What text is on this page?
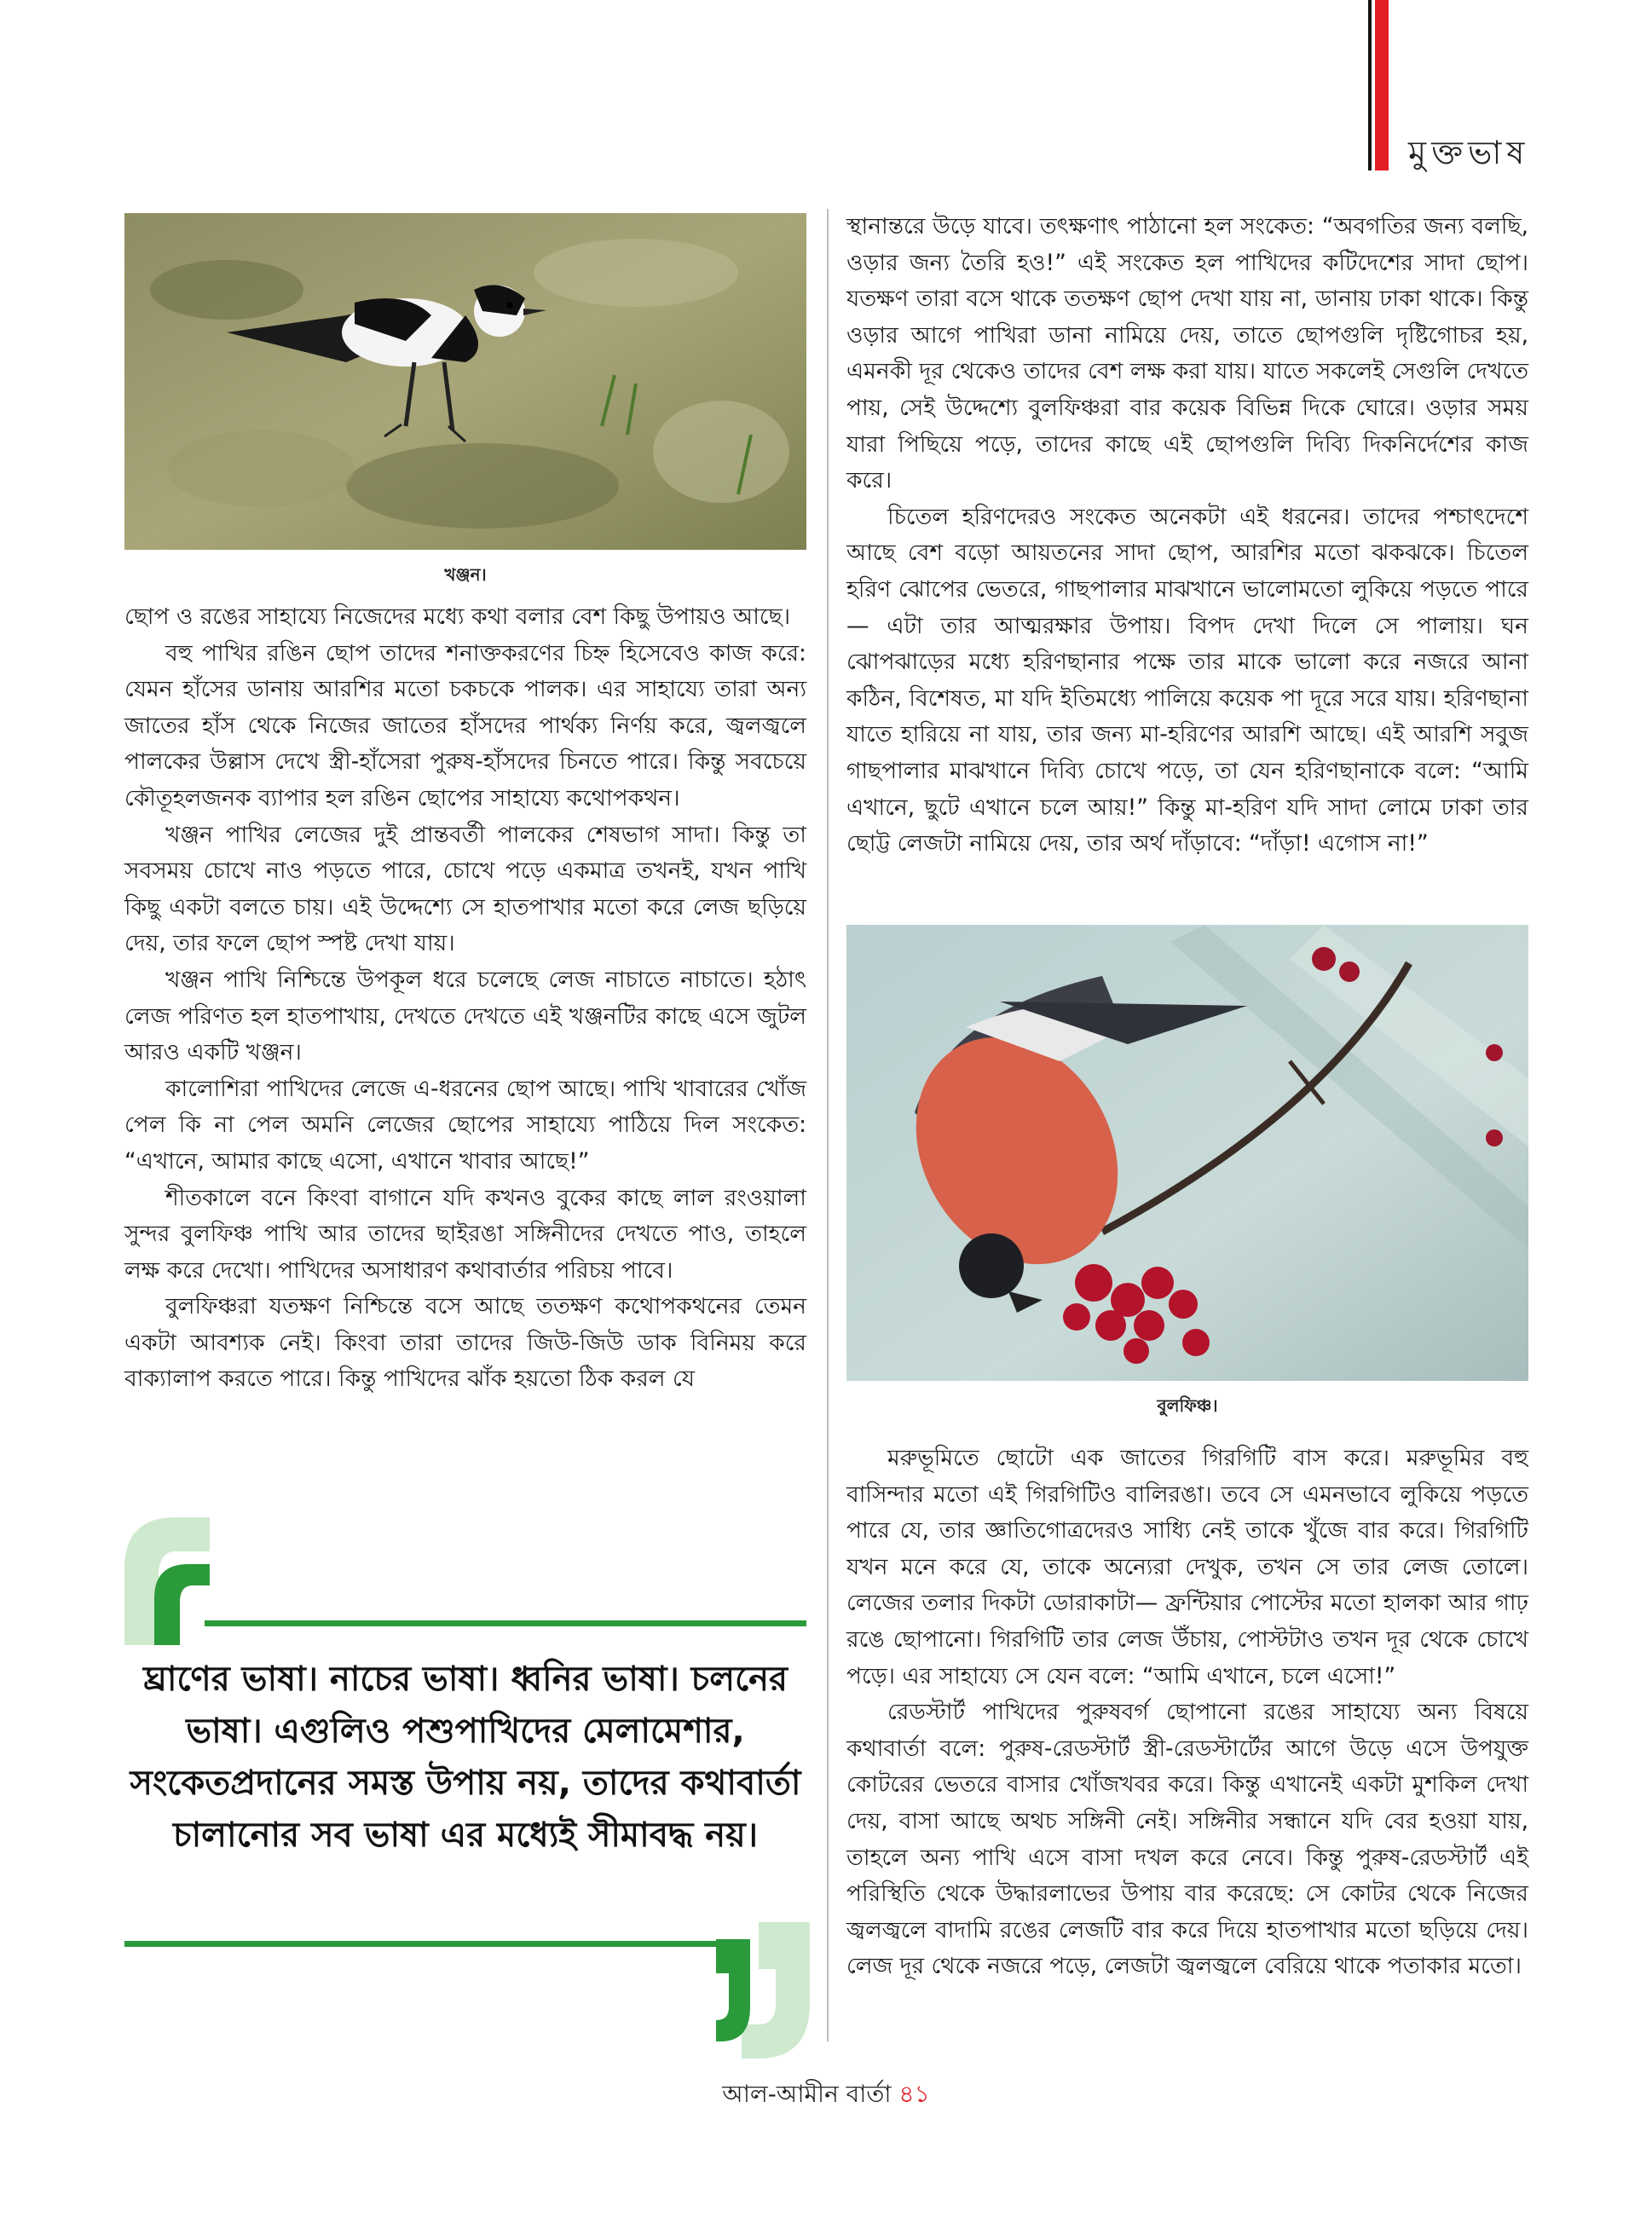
মুক্তভাষ
খঞ্জন।

ছোপ ও রঙের সাহায্যে নিজেদের মধ্যে কথা বলার বেশ কিছু উপায়ও আছে।

বহু পাখির রঙিন ছোপ তাদের শনাক্তকরণের চিহ্ন হিসেবেও কাজ করে: যেমন হাঁসের ডানায় আরশির মতো চকচকে পালক। এর সাহায্যে তারা অন্য জাতের হাঁস থেকে নিজের জাতের হাঁসদের পার্থক্য নির্ণয় করে, জ্বলজ্বলে পালকের উল্লাস দেখে স্ত্রী-হাঁসেরা পুরুষ-হাঁসদের চিনতে পারে। কিন্তু সবচেয়ে কৌতূহলজনক ব্যাপার হল রঙিন ছোপের সাহায্যে কথোপকথন।

খঞ্জন পাখির লেজের দুই প্রান্তবর্তী পালকের শেষভাগ সাদা। কিন্তু তা সবসময় চোখে নাও পড়তে পারে, চোখে পড়ে একমাত্র তখনই, যখন পাখি কিছু একটা বলতে চায়। এই উদ্দেশ্যে সে হাতপাখার মতো করে লেজ ছড়িয়ে দেয়, তার ফলে ছোপ স্পষ্ট দেখা যায়।

খঞ্জন পাখি নিশ্চিন্তে উপকূল ধরে চলেছে লেজ নাচাতে নাচাতে। হঠাৎ লেজ পরিণত হল হাতপাখায়, দেখতে দেখতে এই খঞ্জনটির কাছে এসে জুটল আরও একটি খঞ্জন।

কালোশিরা পাখিদের লেজে এ-ধরনের ছোপ আছে। পাখি খাবারের খোঁজ পেল কি না পেল অমনি লেজের ছোপের সাহায্যে পাঠিয়ে দিল সংকেত: “এখানে, আমার কাছে এসো, এখানে খাবার আছে!”

শীতকালে বনে কিংবা বাগানে যদি কখনও বুকের কাছে লাল রংওয়ালা সুন্দর বুলফিঞ্চ পাখি আর তাদের ছাইরঙা সঙ্গিনীদের দেখতে পাও, তাহলে লক্ষ করে দেখো। পাখিদের অসাধারণ কথাবার্তার পরিচয় পাবে।

বুলফিঞ্চরা যতক্ষণ নিশ্চিন্তে বসে আছে ততক্ষণ কথোপকথনের তেমন একটা আবশ্যক নেই। কিংবা তারা তাদের জিউ-জিউ ডাক বিনিময় করে বাক্যালাপ করতে পারে। কিন্তু পাখিদের ঝাঁক হয়তো ঠিক করল যে

স্থানান্তরে উড়ে যাবে। তৎক্ষণাৎ পাঠানো হল সংকেত: “অবগতির জন্য বলছি, ওড়ার জন্য তৈরি হও!” এই সংকেত হল পাখিদের কটিদেশের সাদা ছোপ। যতক্ষণ তারা বসে থাকে ততক্ষণ ছোপ দেখা যায় না, ডানায় ঢাকা থাকে। কিন্তু ওড়ার আগে পাখিরা ডানা নামিয়ে দেয়, তাতে ছোপগুলি দৃষ্টিগোচর হয়, এমনকী দূর থেকেও তাদের বেশ লক্ষ করা যায়। যাতে সকলেই সেগুলি দেখতে পায়, সেই উদ্দেশ্যে বুলফিঞ্চরা বার কয়েক বিভিন্ন দিকে ঘোরে। ওড়ার সময় যারা পিছিয়ে পড়ে, তাদের কাছে এই ছোপগুলি দিব্যি দিকনির্দেশের কাজ করে।

চিতেল হরিণদেরও সংকেত অনেকটা এই ধরনের। তাদের পশ্চাৎদেশে আছে বেশ বড়ো আয়তনের সাদা ছোপ, আরশির মতো ঝকঝকে। চিতেল হরিণ ঝোপের ভেতরে, গাছপালার মাঝখানে ভালোমতো লুকিয়ে পড়তে পারে— এটা তার আত্মরক্ষার উপায়। বিপদ দেখা দিলে সে পালায়। ঘন ঝোপঝাড়ের মধ্যে হরিণছানার পক্ষে তার মাকে ভালো করে নজরে আনা কঠিন, বিশেষত, মা যদি ইতিমধ্যে পালিয়ে কয়েক পা দূরে সরে যায়। হরিণছানা যাতে হারিয়ে না যায়, তার জন্য মা-হরিণের আরশি আছে। এই আরশি সবুজ গাছপালার মাঝখানে দিব্যি চোখে পড়ে, তা যেন হরিণছানাকে বলে: “আমি এখানে, ছুটে এখানে চলে আয়!” কিন্তু মা-হরিণ যদি সাদা লোমে ঢাকা তার ছোট্ট লেজটা নামিয়ে দেয়, তার অর্থ দাঁড়াবে: “দাঁড়া! এগোস না!”

বুলফিঞ্চ।

মরুভূমিতে ছোটো এক জাতের গিরগিটি বাস করে। মরুভূমির বহু বাসিন্দার মতো এই গিরগিটিও বালিরঙা। তবে সে এমনভাবে লুকিয়ে পড়তে পারে যে, তার জ্ঞাতিগোত্রদেরও সাধ্যি নেই তাকে খুঁজে বার করে। গিরগিটি যখন মনে করে যে, তাকে অন্যেরা দেখুক, তখন সে তার লেজ তোলে। লেজের তলার দিকটা ডোরাকাটা— ফ্রন্টিয়ার পোস্টের মতো হালকা আর গাঢ় রঙে ছোপানো। গিরগিটি তার লেজ উঁচায়, পোস্টটাও তখন দূর থেকে চোখে পড়ে। এর সাহায্যে সে যেন বলে: “আমি এখানে, চলে এসো!”

রেডস্টার্ট পাখিদের পুরুষবর্গ ছোপানো রঙের সাহায্যে অন্য বিষয়ে কথাবার্তা বলে: পুরুষ-রেডস্টার্ট স্ত্রী-রেডস্টার্টের আগে উড়ে এসে উপযুক্ত কোটরের ভেতরে বাসার খোঁজখবর করে। কিন্তু এখানেই একটা মুশকিল দেখা দেয়, বাসা আছে অথচ সঙ্গিনী নেই। সঙ্গিনীর সন্ধানে যদি বের হওয়া যায়, তাহলে অন্য পাখি এসে বাসা দখল করে নেবে। কিন্তু পুরুষ-রেডস্টার্ট এই পরিস্থিতি থেকে উদ্ধারলাভের উপায় বার করেছে: সে কোটর থেকে নিজের জ্বলজ্বলে বাদামি রঙের লেজটি বার করে দিয়ে হাতপাখার মতো ছড়িয়ে দেয়। লেজ দূর থেকে নজরে পড়ে, লেজটা জ্বলজ্বলে বেরিয়ে থাকে পতাকার মতো।

ঘ্রাণের ভাষা। নাচের ভাষা। ধ্বনির ভাষা। চলনের ভাষা। এগুলিও পশুপাখিদের মেলামেশার, সংকেতপ্রদানের সমস্ত উপায় নয়, তাদের কথাবার্তা চালানোর সব ভাষা এর মধ্যেই সীমাবদ্ধ নয়।
আল-আমীন বার্তা ৪১
